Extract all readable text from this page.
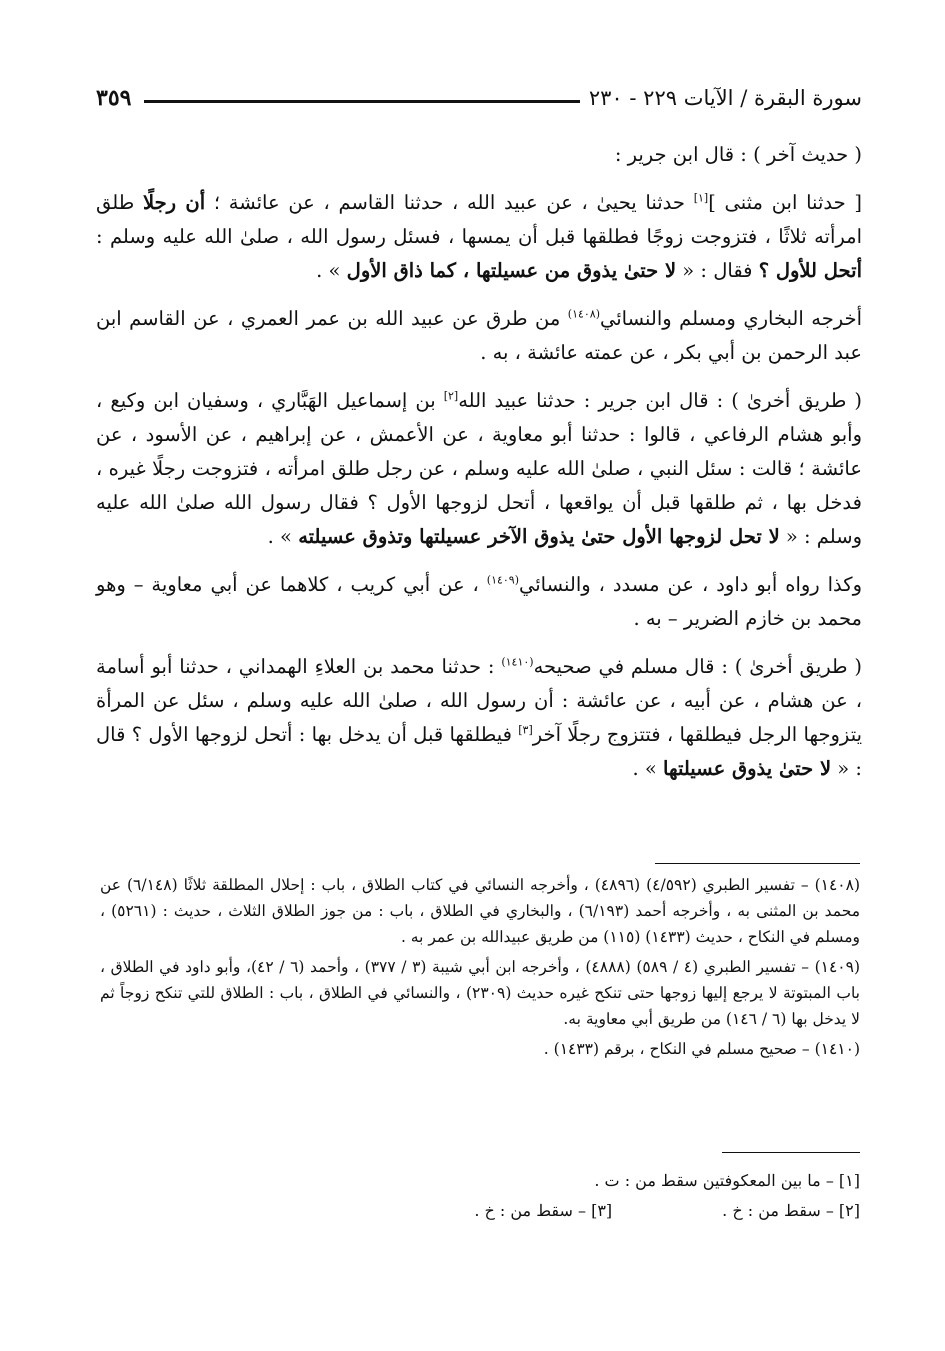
سورة البقرة / الآيات ٢٢٩ - ٢٣٠
٣٥٩

( حديث آخر ) : قال ابن جرير :

[ حدثنا ابن مثنى ][١] حدثنا يحيىٰ ، عن عبيد الله ، حدثنا القاسم ، عن عائشة ؛ أن رجلًا طلق امرأته ثلاثًا ، فتزوجت زوجًا فطلقها قبل أن يمسها ، فسئل رسول الله ، صلىٰ الله عليه وسلم : أتحل للأول ؟ فقال : « لا حتىٰ يذوق من عسيلتها ، كما ذاق الأول » .

أخرجه البخاري ومسلم والنسائي$^{(١٤٠٨)}$ من طرق عن عبيد الله بن عمر العمري ، عن القاسم ابن عبد الرحمن بن أبي بكر ، عن عمته عائشة ، به .

( طريق أخرىٰ ) : قال ابن جرير : حدثنا عبيد الله[٢] بن إسماعيل الهَبَّاري ، وسفيان ابن وكيع ، وأبو هشام الرفاعي ، قالوا : حدثنا أبو معاوية ، عن الأعمش ، عن إبراهيم ، عن الأسود ، عن عائشة ؛ قالت : سئل النبي ، صلىٰ الله عليه وسلم ، عن رجل طلق امرأته ، فتزوجت رجلًا غيره ، فدخل بها ، ثم طلقها قبل أن يواقعها ، أتحل لزوجها الأول ؟ فقال رسول الله صلىٰ الله عليه وسلم : « لا تحل لزوجها الأول حتىٰ يذوق الآخر عسيلتها وتذوق عسيلته » .

وكذا رواه أبو داود ، عن مسدد ، والنسائي$^{(١٤٠٩)}$ ، عن أبي كريب ، كلاهما عن أبي معاوية – وهو محمد بن خازم الضرير – به .

( طريق أخرىٰ ) : قال مسلم في صحيحه$^{(١٤١٠)}$ : حدثنا محمد بن العلاءِ الهمداني ، حدثنا أبو أسامة ، عن هشام ، عن أبيه ، عن عائشة : أن رسول الله ، صلىٰ الله عليه وسلم ، سئل عن المرأة يتزوجها الرجل فيطلقها ، فتتزوج رجلًا آخر[٣] فيطلقها قبل أن يدخل بها : أتحل لزوجها الأول ؟ قال : « لا حتىٰ يذوق عسيلتها » .

(١٤٠٨) – تفسير الطبري (٤/٥٩٢) (٤٨٩٦) ، وأخرجه النسائي في كتاب الطلاق ، باب : إحلال المطلقة ثلاثًا (٦/١٤٨) عن محمد بن المثنى به ، وأخرجه أحمد (٦/١٩٣) ، والبخاري في الطلاق ، باب : من جوز الطلاق الثلاث ، حديث : (٥٢٦١) ، ومسلم في النكاح ، حديث (١٤٣٣) (١١٥) من طريق عبيدالله بن عمر به .

(١٤٠٩) – تفسير الطبري (٤ / ٥٨٩) (٤٨٨٨) ، وأخرجه ابن أبي شيبة (٣ / ٣٧٧) ، وأحمد (٦ / ٤٢)، وأبو داود في الطلاق ، باب المبتوتة لا يرجع إليها زوجها حتى تنكح غيره حديث (٢٣٠٩) ، والنسائي في الطلاق ، باب : الطلاق للتي تنكح زوجاً ثم لا يدخل بها (٦ / ١٤٦) من طريق أبي معاوية به.

(١٤١٠) – صحيح مسلم في النكاح ، برقم (١٤٣٣) .

[١] – ما بين المعكوفتين سقط من : ت .
[٢] – سقط من : خ .
[٣] – سقط من : خ .
